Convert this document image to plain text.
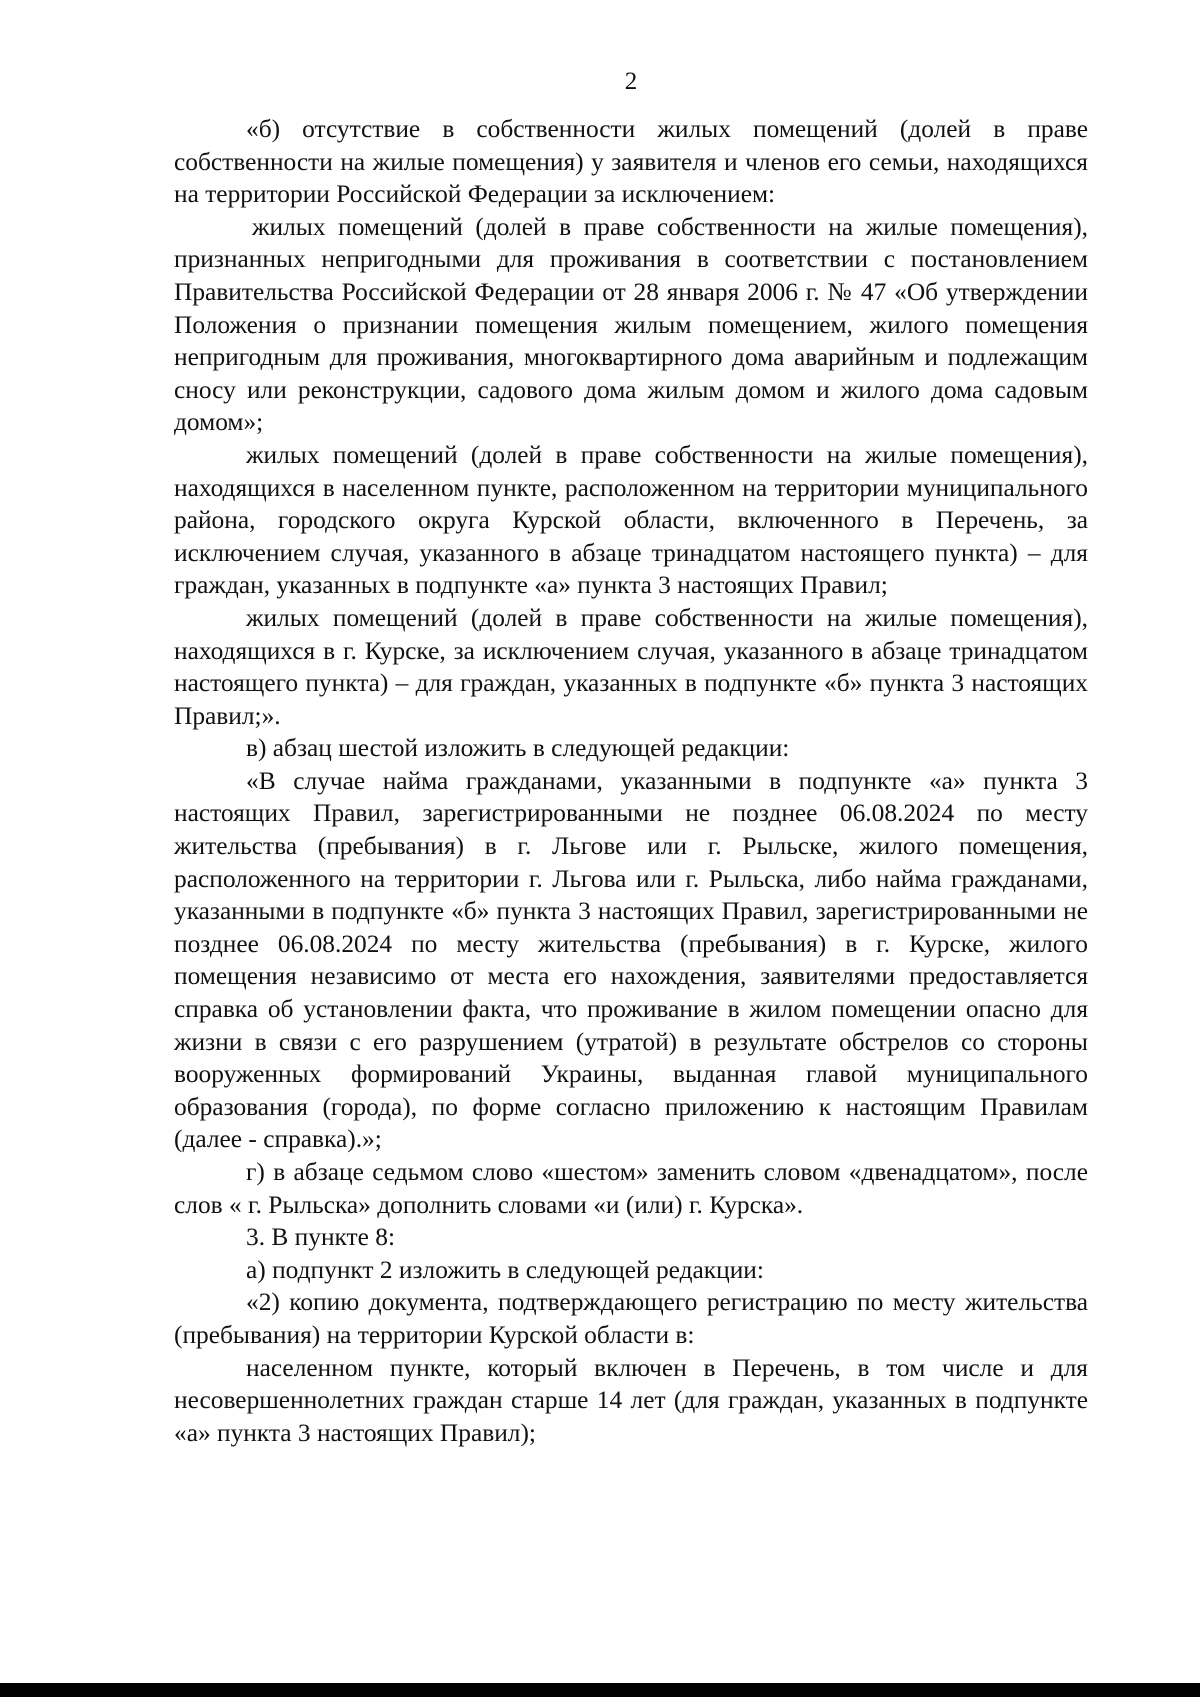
2

«б) отсутствие в собственности жилых помещений (долей в праве собственности на жилые помещения) у заявителя и членов его семьи, находящихся на территории Российской Федерации за исключением:

жилых помещений (долей в праве собственности на жилые помещения), признанных непригодными для проживания в соответствии с постановлением Правительства Российской Федерации от 28 января 2006 г. № 47 «Об утверждении Положения о признании помещения жилым помещением, жилого помещения непригодным для проживания, многоквартирного дома аварийным и подлежащим сносу или реконструкции, садового дома жилым домом и жилого дома садовым домом»;

жилых помещений (долей в праве собственности на жилые помещения), находящихся в населенном пункте, расположенном на территории муниципального района, городского округа Курской области, включенного в Перечень, за исключением случая, указанного в абзаце тринадцатом настоящего пункта) – для граждан, указанных в подпункте «а» пункта 3 настоящих Правил;

жилых помещений (долей в праве собственности на жилые помещения), находящихся в г. Курске, за исключением случая, указанного в абзаце тринадцатом настоящего пункта) – для граждан, указанных в подпункте «б» пункта 3 настоящих Правил;».

в) абзац шестой изложить в следующей редакции:

«В случае найма гражданами, указанными в подпункте «а» пункта 3 настоящих Правил, зарегистрированными не позднее 06.08.2024 по месту жительства (пребывания) в г. Льгове или г. Рыльске, жилого помещения, расположенного на территории г. Льгова или г. Рыльска, либо найма гражданами, указанными в подпункте «б» пункта 3 настоящих Правил, зарегистрированными не позднее 06.08.2024 по месту жительства (пребывания) в г. Курске, жилого помещения независимо от места его нахождения, заявителями предоставляется справка об установлении факта, что проживание в жилом помещении опасно для жизни в связи с его разрушением (утратой) в результате обстрелов со стороны вооруженных формирований Украины, выданная главой муниципального образования (города), по форме согласно приложению к настоящим Правилам (далее - справка).»;

г) в абзаце седьмом слово «шестом» заменить словом «двенадцатом», после слов « г. Рыльска» дополнить словами «и (или) г. Курска».

3. В пункте 8:

а) подпункт 2 изложить в следующей редакции:

«2) копию документа, подтверждающего регистрацию по месту жительства (пребывания) на территории Курской области в:

населенном пункте, который включен в Перечень, в том числе и для несовершеннолетних граждан старше 14 лет (для граждан, указанных в подпункте «а» пункта 3 настоящих Правил);
